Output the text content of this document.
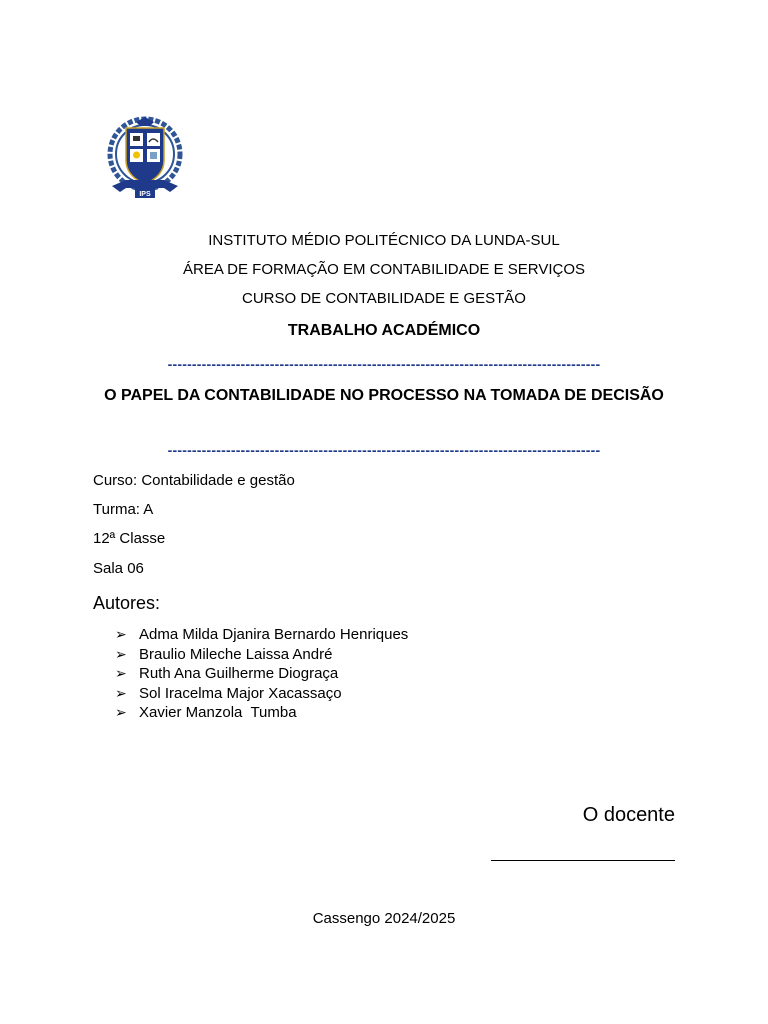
IPS
INSTITUTO MÉDIO POLITÉCNICO DA LUNDA-SUL
ÁREA DE FORMAÇÃO EM CONTABILIDADE E SERVIÇOS
CURSO DE CONTABILIDADE E GESTÃO
TRABALHO ACADÉMICO
-----------------------------------------------------------------------------------------
O PAPEL DA CONTABILIDADE NO PROCESSO NA TOMADA DE DECISÃO
-----------------------------------------------------------------------------------------
Curso: Contabilidade e gestão
Turma: A
12ª Classe
Sala 06
Autores:
➢ Adma Milda Djanira Bernardo Henriques
➢ Braulio Mileche Laissa André
➢ Ruth Ana Guilherme Diograça
➢ Sol Iracelma Major Xacassaço
➢ Xavier Manzola  Tumba
O docente
Cassengo 2024/2025
